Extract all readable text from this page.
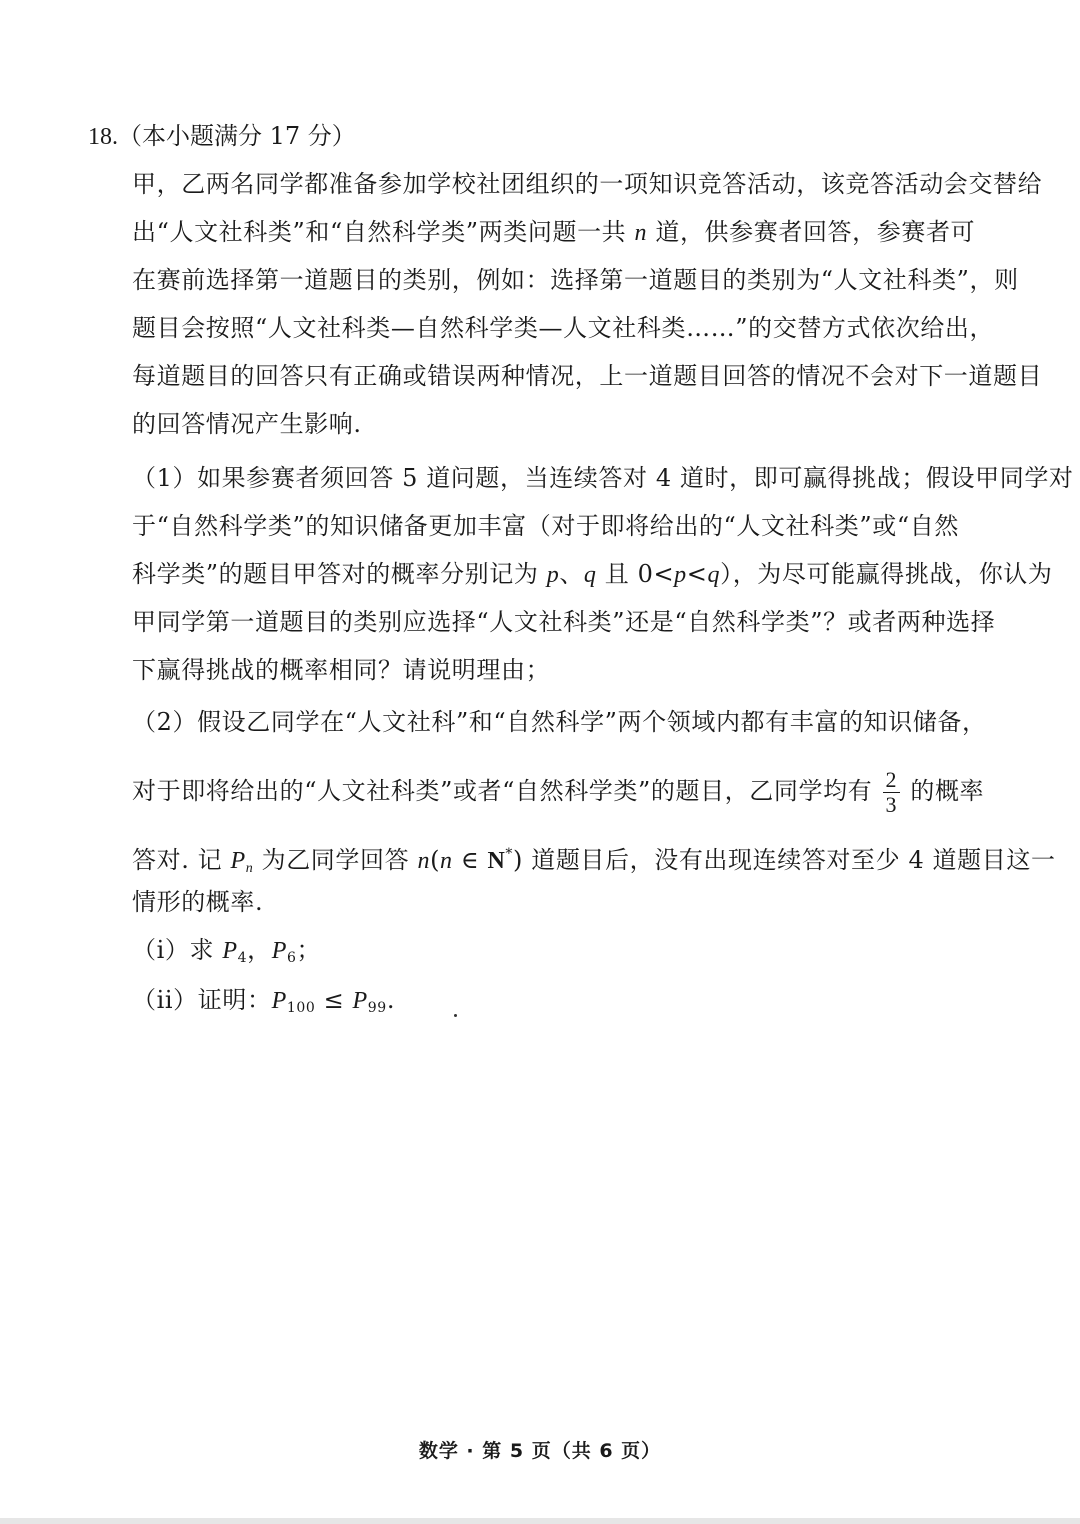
18.（本小题满分 17 分）
甲，乙两名同学都准备参加学校社团组织的一项知识竞答活动，该竞答活动会交替给
出“人文社科类”和“自然科学类”两类问题一共 n 道，供参赛者回答，参赛者可
在赛前选择第一道题目的类别，例如：选择第一道题目的类别为“人文社科类”，则
题目会按照“人文社科类—自然科学类—人文社科类……”的交替方式依次给出，
每道题目的回答只有正确或错误两种情况，上一道题目回答的情况不会对下一道题目
的回答情况产生影响.
（1）如果参赛者须回答 5 道问题，当连续答对 4 道时，即可赢得挑战；假设甲同学对
于“自然科学类”的知识储备更加丰富（对于即将给出的“人文社科类”或“自然
科学类”的题目甲答对的概率分别记为 p、q 且 0<p<q），为尽可能赢得挑战，你认为
甲同学第一道题目的类别应选择“人文社科类”还是“自然科学类”？或者两种选择
下赢得挑战的概率相同？请说明理由；
（2）假设乙同学在“人文社科”和“自然科学”两个领域内都有丰富的知识储备，
对于即将给出的“人文社科类”或者“自然科学类”的题目，乙同学均有 $\frac{2}{3}$ 的概率
答对. 记 $P_n$ 为乙同学回答 n(n ∈ N*) 道题目后，没有出现连续答对至少 4 道题目这一
情形的概率.
（i）求 $P_4$，$P_6$；
（ii）证明：$P_{100} \le P_{99}$.
数学 · 第 5 页（共 6 页）
